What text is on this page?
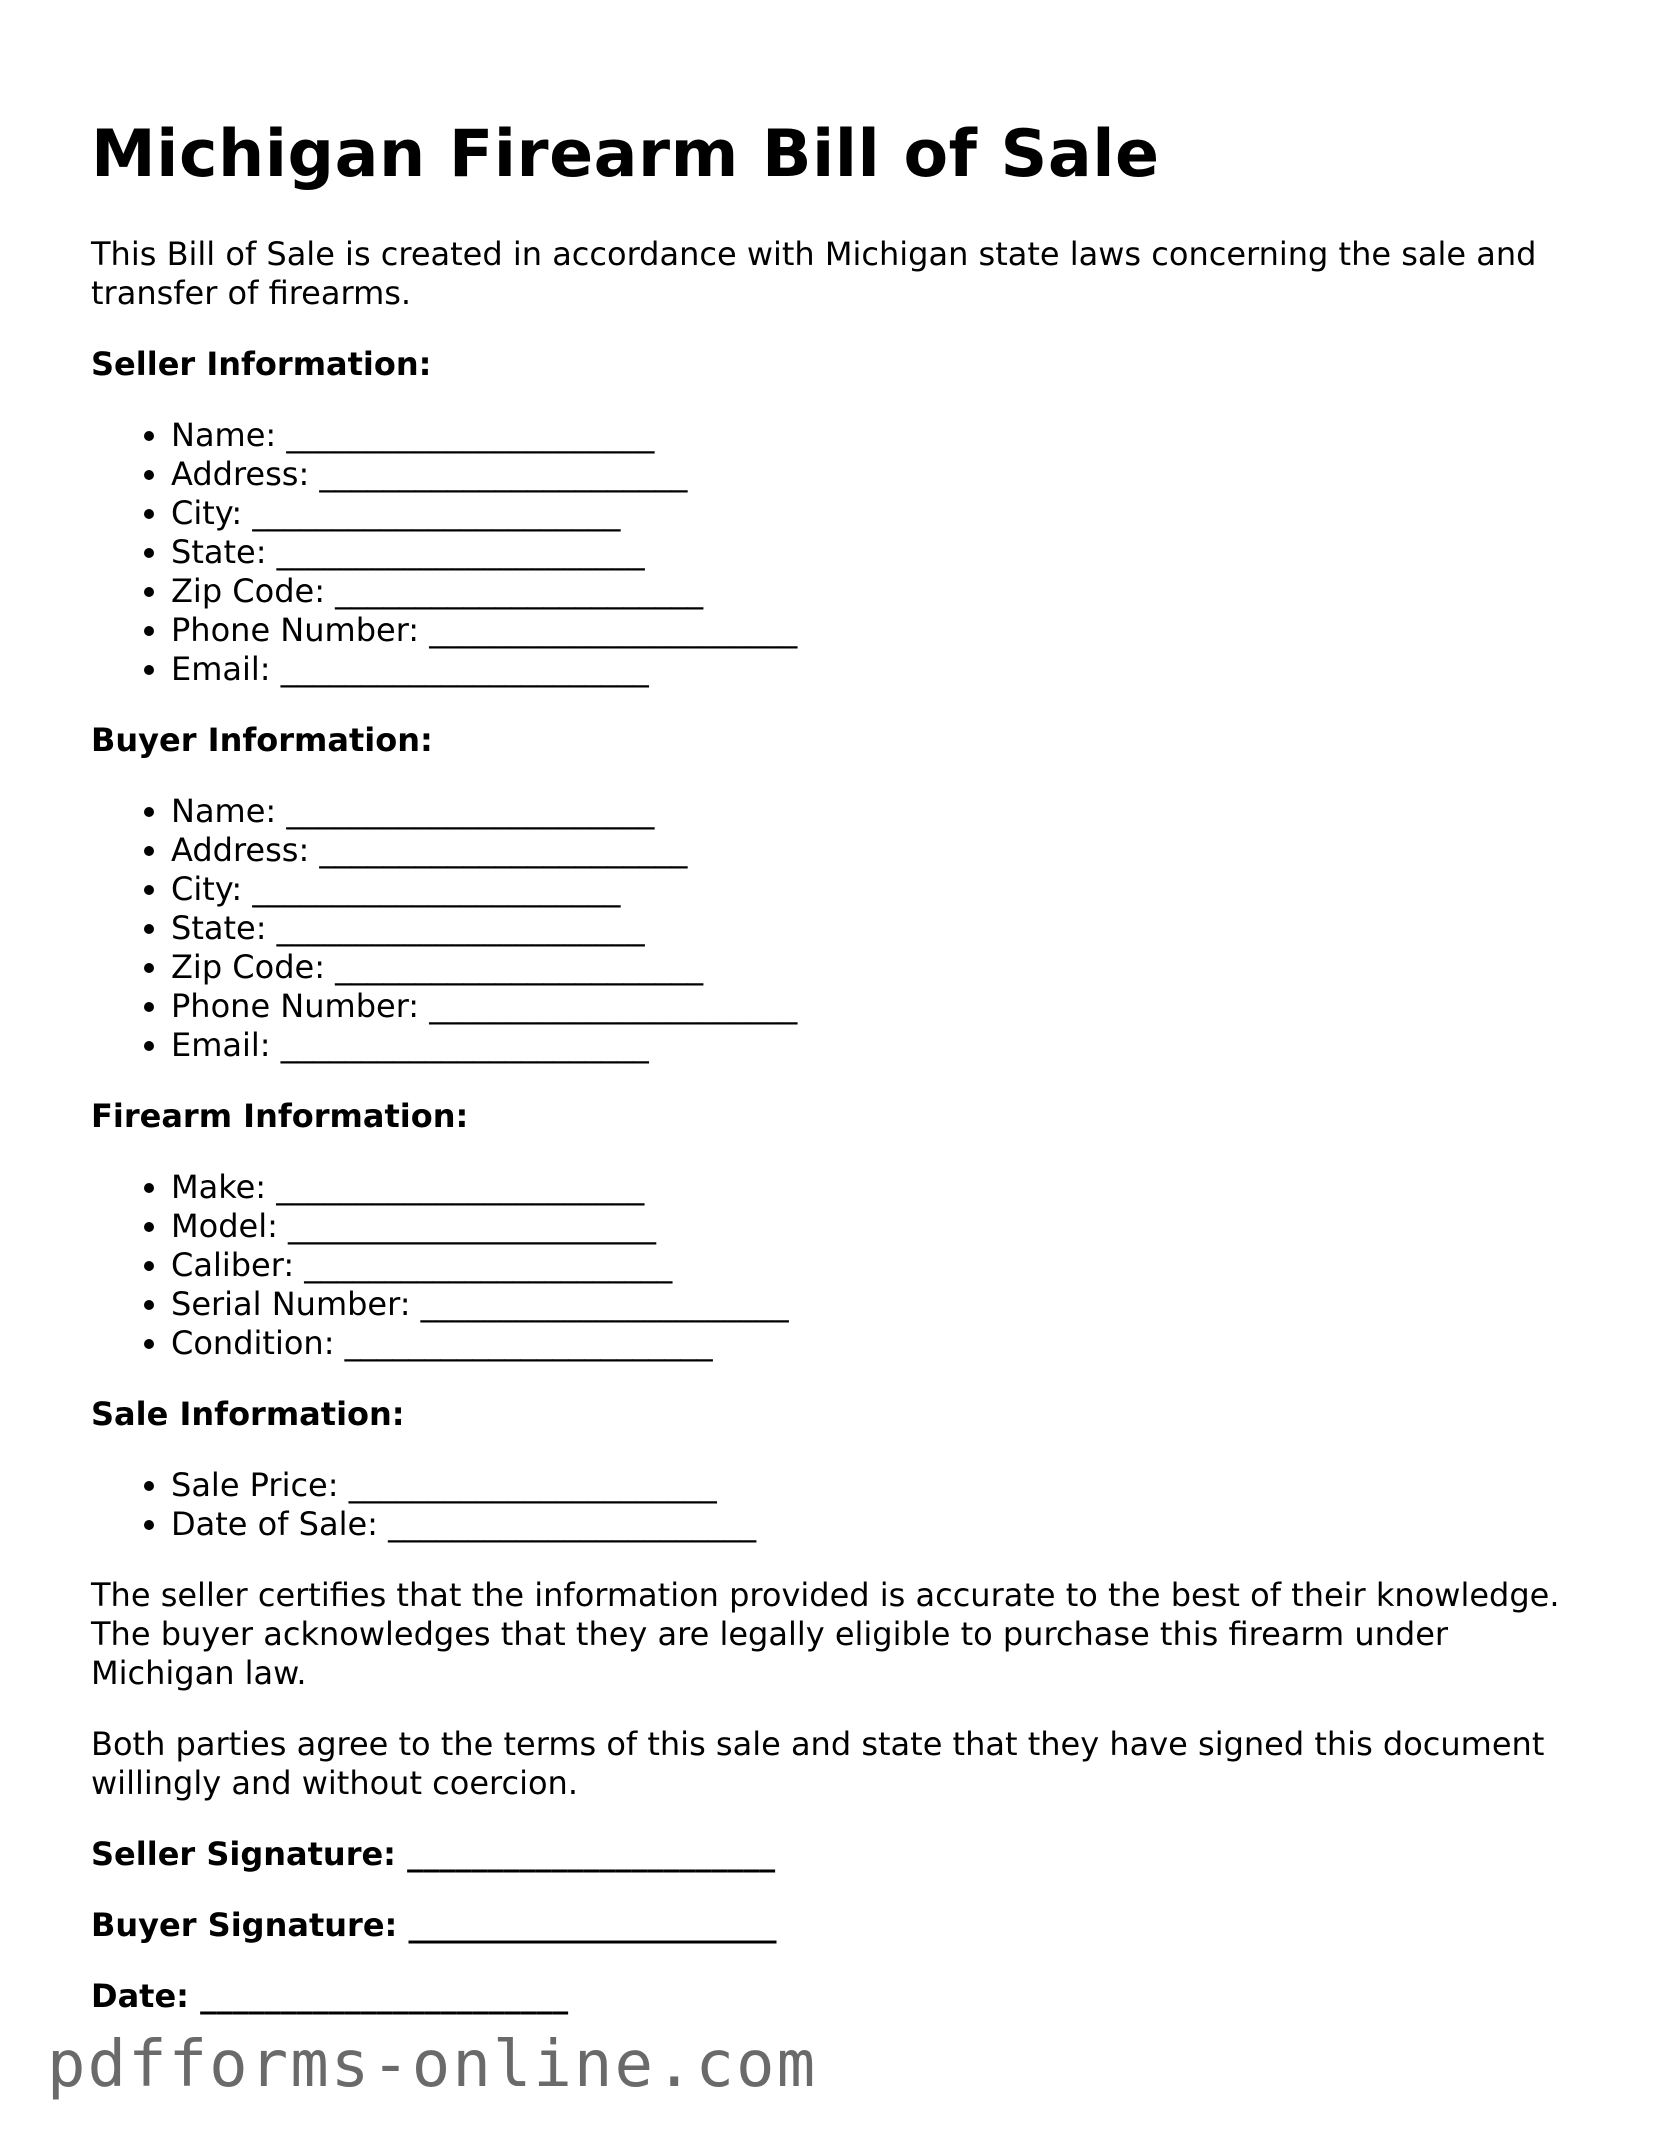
Michigan Firearm Bill of Sale

This Bill of Sale is created in accordance with Michigan state laws concerning the sale and transfer of firearms.

Seller Information:
• Name: _______________________
• Address: _______________________
• City: _______________________
• State: _______________________
• Zip Code: _______________________
• Phone Number: _______________________
• Email: _______________________
Buyer Information:
• Name: _______________________
• Address: _______________________
• City: _______________________
• State: _______________________
• Zip Code: _______________________
• Phone Number: _______________________
• Email: _______________________
Firearm Information:
• Make: _______________________
• Model: _______________________
• Caliber: _______________________
• Serial Number: _______________________
• Condition: _______________________
Sale Information:
• Sale Price: _______________________
• Date of Sale: _______________________

The seller certifies that the information provided is accurate to the best of their knowledge. The buyer acknowledges that they are legally eligible to purchase this firearm under Michigan law.

Both parties agree to the terms of this sale and state that they have signed this document willingly and without coercion.

Seller Signature: _______________________
Buyer Signature: _______________________
Date: _______________________
pdfforms-online.com
